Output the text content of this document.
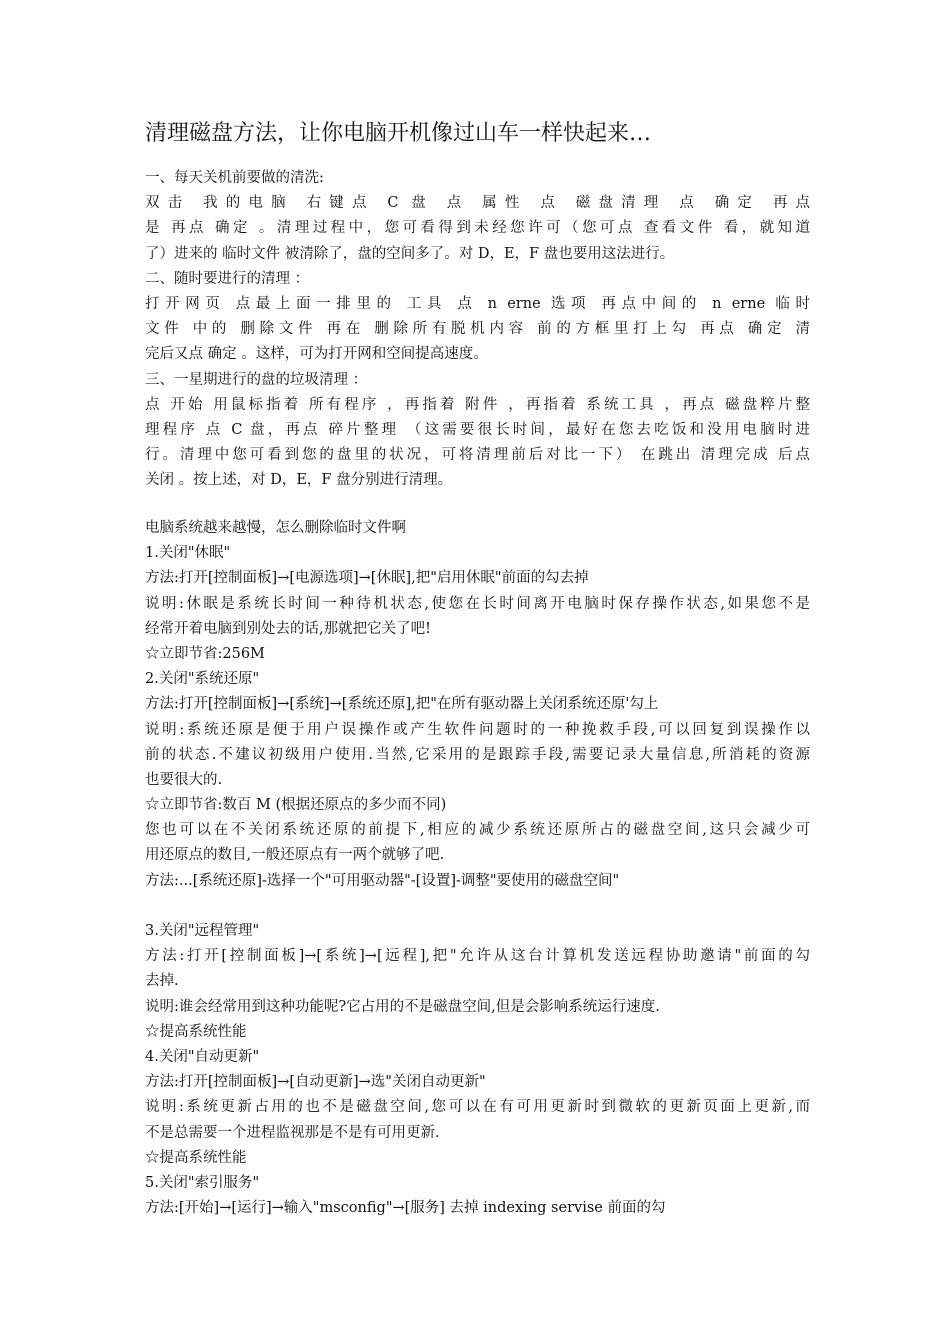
清理磁盘方法，让你电脑开机像过山车一样快起来…
一、每天关机前要做的清洗:
双击 我的电脑 右键点 C 盘 点 属性 点 磁盘清理 点 确定 再点
是 再点 确定 。清理过程中，您可看得到未经您许可（您可点 查看文件 看，就知道
了）进来的 临时文件 被清除了，盘的空间多了。对 D，E，F 盘也要用这法进行。
二、随时要进行的清理 ：
打开网页 点最上面一排里的 工具 点 n erne 选项 再点中间的 n erne 临时
文件 中的 删除文件 再在 删除所有脱机内容 前的方框里打上勾 再点 确定 清
完后又点 确定 。这样，可为打开网和空间提高速度。
三、一星期进行的盘的垃圾清理 ：
点 开始 用鼠标指着 所有程序 ，再指着 附件 ，再指着 系统工具 ，再点 磁盘粹片整
理程序 点 C 盘，再点 碎片整理 （这需要很长时间，最好在您去吃饭和没用电脑时进
行。清理中您可看到您的盘里的状况，可将清理前后对比一下） 在跳出 清理完成 后点
关闭 。按上述，对 D，E，F 盘分别进行清理。
电脑系统越来越慢，怎么删除临时文件啊
1.关闭"休眠"
方法:打开[控制面板]→[电源选项]→[休眠],把"启用休眠"前面的勾去掉
说明:休眠是系统长时间一种待机状态,使您在长时间离开电脑时保存操作状态,如果您不是
经常开着电脑到别处去的话,那就把它关了吧!
☆立即节省:256M
2.关闭"系统还原"
方法:打开[控制面板]→[系统]→[系统还原],把"在所有驱动器上关闭系统还原'勾上
说明:系统还原是便于用户误操作或产生软件问题时的一种挽救手段,可以回复到误操作以
前的状态.不建议初级用户使用.当然,它采用的是跟踪手段,需要记录大量信息,所消耗的资源
也要很大的.
☆立即节省:数百 M (根据还原点的多少而不同)
您也可以在不关闭系统还原的前提下,相应的减少系统还原所占的磁盘空间,这只会减少可
用还原点的数目,一般还原点有一两个就够了吧.
方法:...[系统还原]-选择一个"可用驱动器"-[设置]-调整"要使用的磁盘空间"
3.关闭"远程管理"
方法:打开[控制面板]→[系统]→[远程],把"允许从这台计算机发送远程协助邀请"前面的勾
去掉.
说明:谁会经常用到这种功能呢?它占用的不是磁盘空间,但是会影响系统运行速度.
☆提高系统性能
4.关闭"自动更新"
方法:打开[控制面板]→[自动更新]→选"关闭自动更新"
说明:系统更新占用的也不是磁盘空间,您可以在有可用更新时到微软的更新页面上更新,而
不是总需要一个进程监视那是不是有可用更新.
☆提高系统性能
5.关闭"索引服务"
方法:[开始]→[运行]→输入"msconfig"→[服务] 去掉 indexing servise 前面的勾
